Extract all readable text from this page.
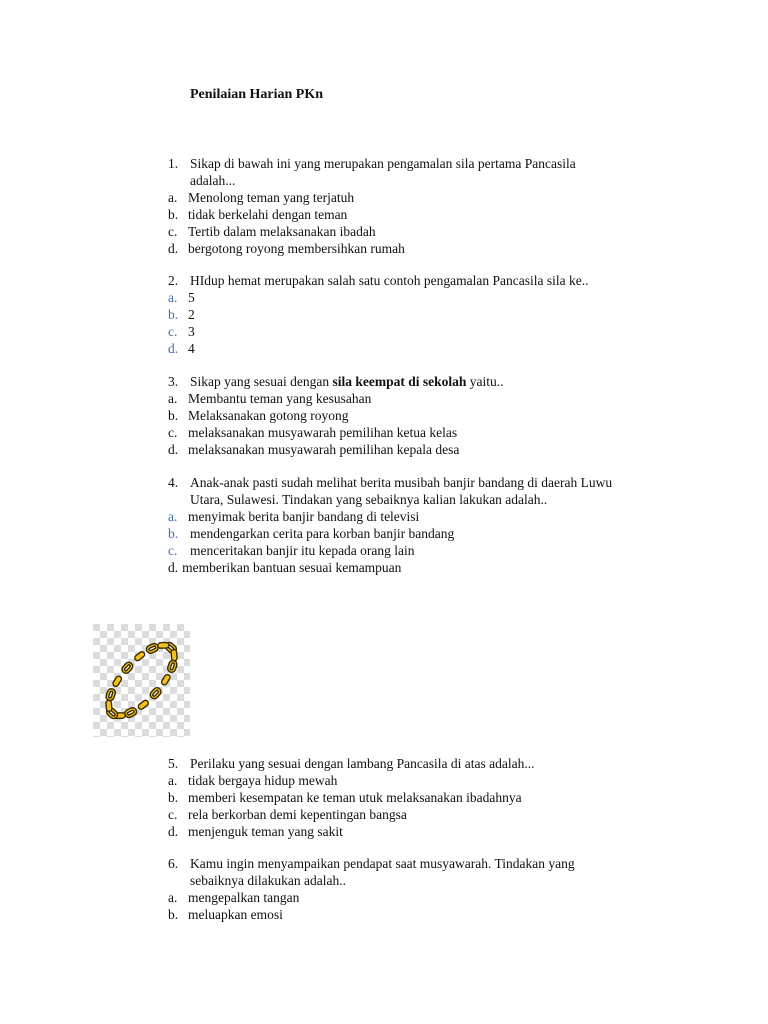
Penilaian Harian PKn
1. Sikap di bawah ini yang merupakan pengamalan sila pertama Pancasila
adalah...
a. Menolong teman yang terjatuh
b. tidak berkelahi dengan teman
c. Tertib dalam melaksanakan ibadah
d. bergotong royong membersihkan rumah
2. HIdup hemat merupakan salah satu contoh pengamalan Pancasila sila ke..
a. 5
b. 2
c. 3
d. 4
3. Sikap yang sesuai dengan sila keempat di sekolah yaitu..
a. Membantu teman yang kesusahan
b. Melaksanakan gotong royong
c. melaksanakan musyawarah pemilihan ketua kelas
d. melaksanakan musyawarah pemilihan kepala desa
4. Anak-anak pasti sudah melihat berita musibah banjir bandang di daerah Luwu
Utara, Sulawesi. Tindakan yang sebaiknya kalian lakukan adalah..
a. menyimak berita banjir bandang di televisi
b. mendengarkan cerita para korban banjir bandang
c. menceritakan banjir itu kepada orang lain
d. memberikan bantuan sesuai kemampuan
5. Perilaku yang sesuai dengan lambang Pancasila di atas adalah...
a. tidak bergaya hidup mewah
b. memberi kesempatan ke teman utuk melaksanakan ibadahnya
c. rela berkorban demi kepentingan bangsa
d. menjenguk teman yang sakit
6. Kamu ingin menyampaikan pendapat saat musyawarah. Tindakan yang
sebaiknya dilakukan adalah..
a. mengepalkan tangan
b. meluapkan emosi
